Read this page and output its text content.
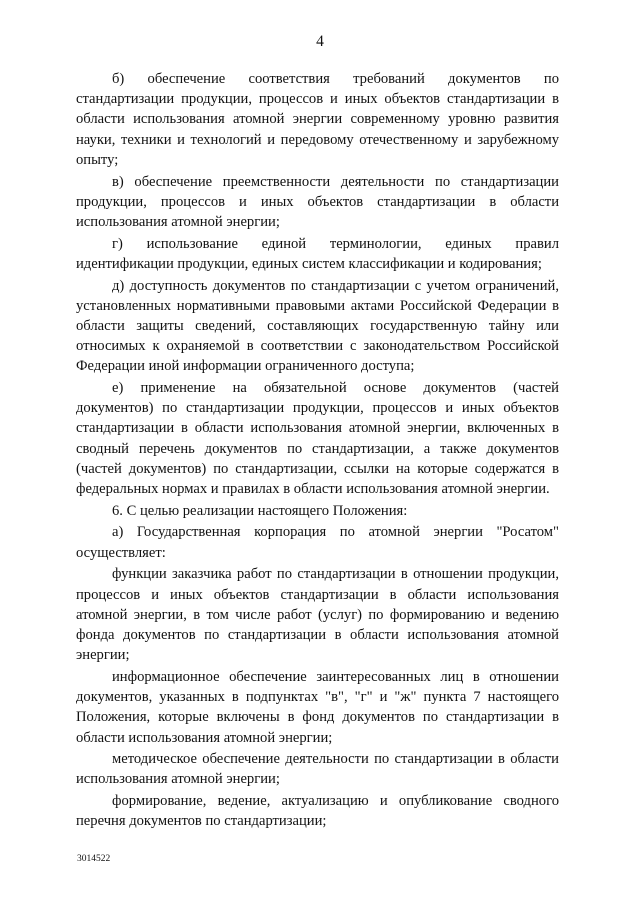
4

б) обеспечение соответствия требований документов по стандартизации продукции, процессов и иных объектов стандартизации в области использования атомной энергии современному уровню развития науки, техники и технологий и передовому отечественному и зарубежному опыту;

в) обеспечение преемственности деятельности по стандартизации продукции, процессов и иных объектов стандартизации в области использования атомной энергии;

г) использование единой терминологии, единых правил идентификации продукции, единых систем классификации и кодирования;

д) доступность документов по стандартизации с учетом ограничений, установленных нормативными правовыми актами Российской Федерации в области защиты сведений, составляющих государственную тайну или относимых к охраняемой в соответствии с законодательством Российской Федерации иной информации ограниченного доступа;

е) применение на обязательной основе документов (частей документов) по стандартизации продукции, процессов и иных объектов стандартизации в области использования атомной энергии, включенных в сводный перечень документов по стандартизации, а также документов (частей документов) по стандартизации, ссылки на которые содержатся в федеральных нормах и правилах в области использования атомной энергии.

6. С целью реализации настоящего Положения:

а) Государственная корпорация по атомной энергии "Росатом" осуществляет:

функции заказчика работ по стандартизации в отношении продукции, процессов и иных объектов стандартизации в области использования атомной энергии, в том числе работ (услуг) по формированию и ведению фонда документов по стандартизации в области использования атомной энергии;

информационное обеспечение заинтересованных лиц в отношении документов, указанных в подпунктах "в", "г" и "ж" пункта 7 настоящего Положения, которые включены в фонд документов по стандартизации в области использования атомной энергии;

методическое обеспечение деятельности по стандартизации в области использования атомной энергии;

формирование, ведение, актуализацию и опубликование сводного перечня документов по стандартизации;

3014522
